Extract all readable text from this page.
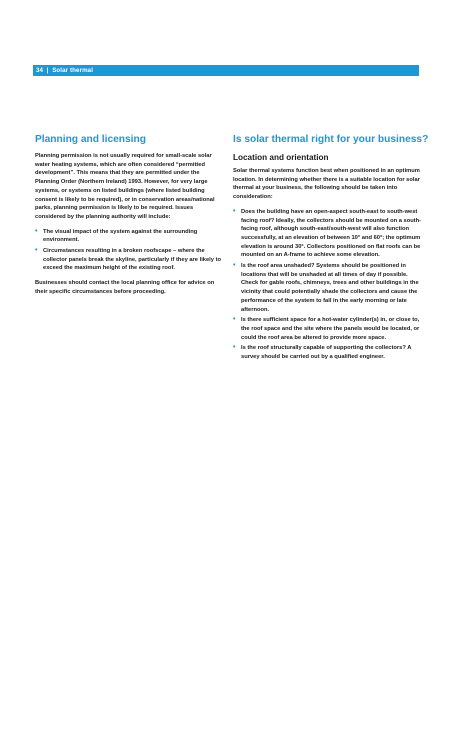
34  |  Solar thermal
Planning and licensing

Planning permission is not usually required for small-scale solar water heating systems, which are often considered “permitted development”. This means that they are permitted under the Planning Order (Northern Ireland) 1993. However, for very large systems, or systems on listed buildings (where listed building consent is likely to be required), or in conservation areas/national parks, planning permission is likely to be required. Issues considered by the planning authority will include:

• The visual impact of the system against the surrounding environment.
• Circumstances resulting in a broken roofscape – where the collector panels break the skyline, particularly if they are likely to exceed the maximum height of the existing roof.

Businesses should contact the local planning office for advice on their specific circumstances before proceeding.

Is solar thermal right for your business?
Location and orientation

Solar thermal systems function best when positioned in an optimum location. In determining whether there is a suitable location for solar thermal at your business, the following should be taken into consideration:

• Does the building have an open-aspect south-east to south-west facing roof? Ideally, the collectors should be mounted on a south-facing roof, although south-east/south-west will also function successfully, at an elevation of between 10° and 60°; the optimum elevation is around 30°. Collectors positioned on flat roofs can be mounted on an A-frame to achieve some elevation.
• Is the roof area unshaded? Systems should be positioned in locations that will be unshaded at all times of day if possible. Check for gable roofs, chimneys, trees and other buildings in the vicinity that could potentially shade the collectors and cause the performance of the system to fall in the early morning or late afternoon.
• Is there sufficient space for a hot-water cylinder(s) in, or close to, the roof space and the site where the panels would be located, or could the roof area be altered to provide more space.
• Is the roof structurally capable of supporting the collectors? A survey should be carried out by a qualified engineer.
